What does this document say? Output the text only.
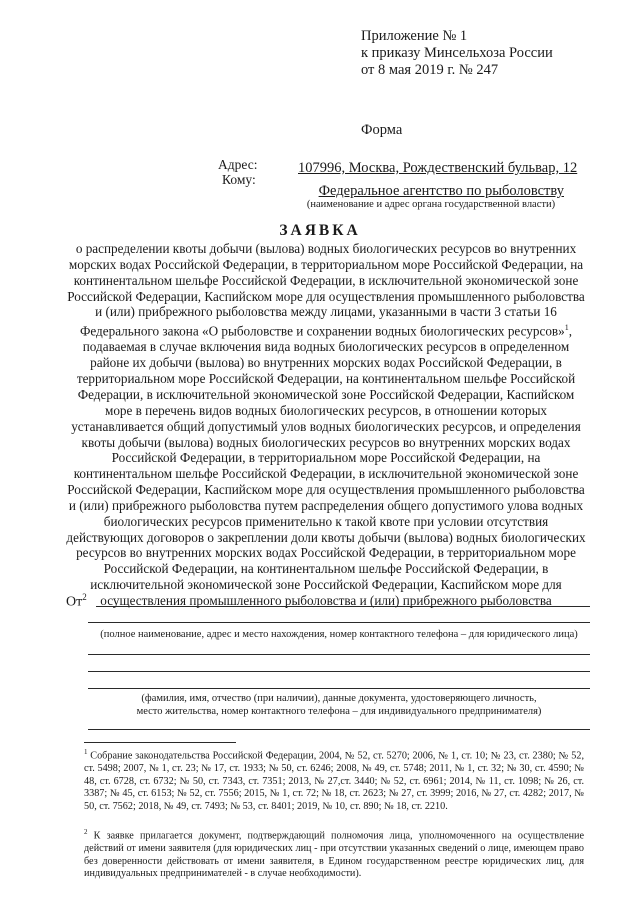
Приложение № 1
к приказу Минсельхоза России
от 8 мая 2019 г. № 247
Форма
Адрес:
Кому:
107996, Москва, Рождественский бульвар, 12
Федеральное агентство по рыболовству
(наименование и адрес органа государственной власти)
ЗАЯВКА
о распределении квоты добычи (вылова) водных биологических ресурсов во внутренних морских водах Российской Федерации, в территориальном море Российской Федерации, на континентальном шельфе Российской Федерации, в исключительной экономической зоне Российской Федерации, Каспийском море для осуществления промышленного рыболовства и (или) прибрежного рыболовства между лицами, указанными в части 3 статьи 16 Федерального закона «О рыболовстве и сохранении водных биологических ресурсов»$^1$, подаваемая в случае включения вида водных биологических ресурсов в определенном районе их добычи (вылова) во внутренних морских водах Российской Федерации, в территориальном море Российской Федерации, на континентальном шельфе Российской Федерации, в исключительной экономической зоне Российской Федерации, Каспийском море в перечень видов водных биологических ресурсов, в отношении которых устанавливается общий допустимый улов водных биологических ресурсов, и определения квоты добычи (вылова) водных биологических ресурсов во внутренних морских водах Российской Федерации, в территориальном море Российской Федерации, на континентальном шельфе Российской Федерации, в исключительной экономической зоне Российской Федерации, Каспийском море для осуществления промышленного рыболовства и (или) прибрежного рыболовства путем распределения общего допустимого улова водных биологических ресурсов применительно к такой квоте при условии отсутствия действующих договоров о закреплении доли квоты добычи (вылова) водных биологических ресурсов во внутренних морских водах Российской Федерации, в территориальном море Российской Федерации, на континентальном шельфе Российской Федерации, в исключительной экономической зоне Российской Федерации, Каспийском море для осуществления промышленного рыболовства и (или) прибрежного рыболовства
$От^2$
(полное наименование, адрес и место нахождения, номер контактного телефона – для юридического лица)
(фамилия, имя, отчество (при наличии), данные документа, удостоверяющего личность,
место жительства, номер контактного телефона – для индивидуального предпринимателя)
$^1$ Собрание законодательства Российской Федерации, 2004, № 52, ст. 5270; 2006, № 1, ст. 10; № 23, ст. 2380; № 52, ст. 5498; 2007, № 1, ст. 23; № 17, ст. 1933; № 50, ст. 6246; 2008, № 49, ст. 5748; 2011, № 1, ст. 32; № 30, ст. 4590; № 48, ст. 6728, ст. 6732; № 50, ст. 7343, ст. 7351; 2013, № 27,ст. 3440; № 52, ст. 6961; 2014, № 11, ст. 1098; № 26, ст. 3387; № 45, ст. 6153; № 52, ст. 7556; 2015, № 1, ст. 72; № 18, ст. 2623; № 27, ст. 3999; 2016, № 27, ст. 4282; 2017, № 50, ст. 7562; 2018, № 49, ст. 7493; № 53, ст. 8401; 2019, № 10, ст. 890; № 18, ст. 2210.
$^2$ К заявке прилагается документ, подтверждающий полномочия лица, уполномоченного на осуществление действий от имени заявителя (для юридических лиц - при отсутствии указанных сведений о лице, имеющем право без доверенности действовать от имени заявителя, в Едином государственном реестре юридических лиц, для индивидуальных предпринимателей - в случае необходимости).
